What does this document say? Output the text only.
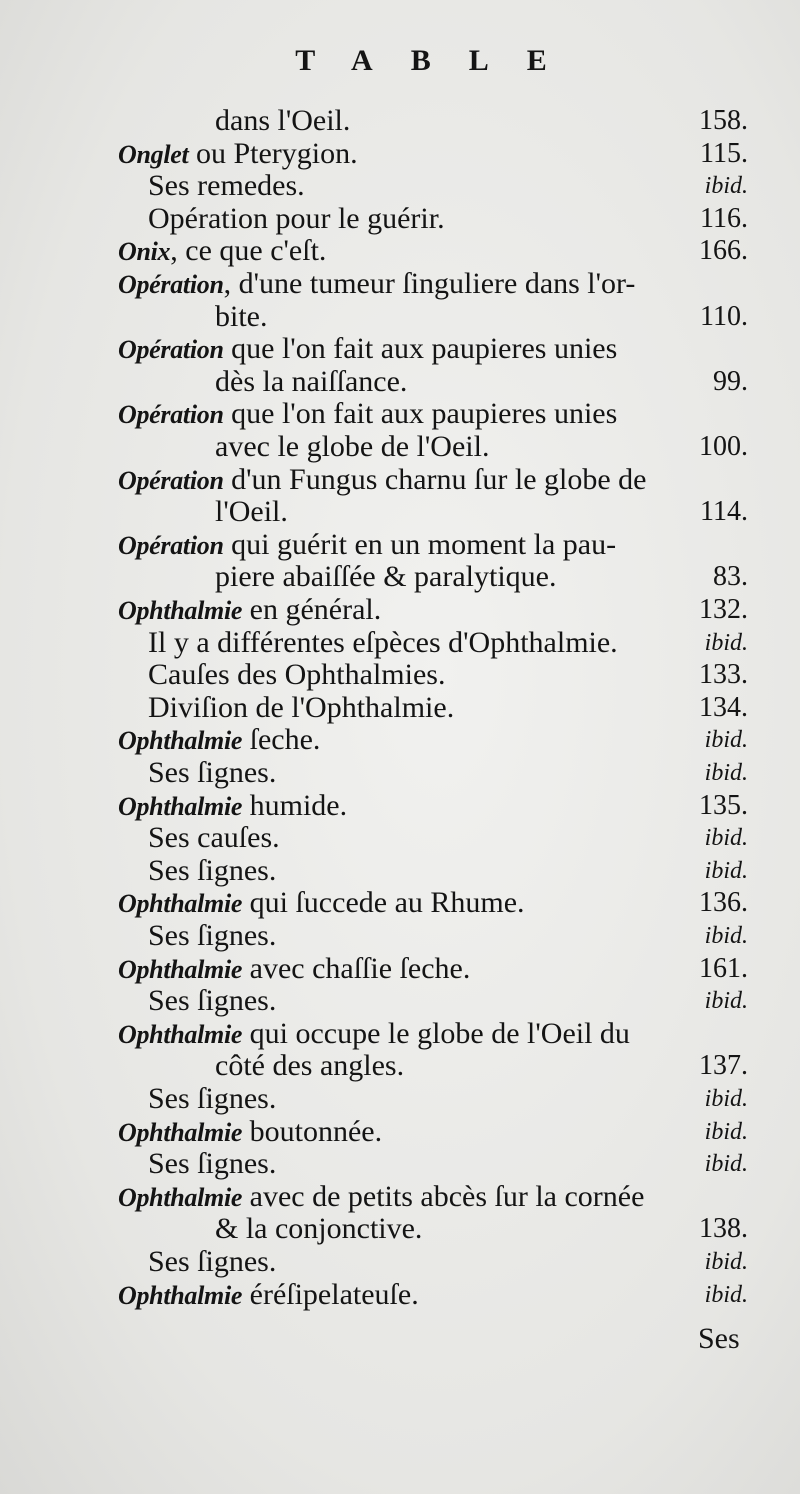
TABLE
dans l'Oeil.	158.
Onglet ou Pterygion.	115.
Ses remedes.	ibid.
Opération pour le guérir.	116.
Onix, ce que c'eſt.	166.
Opération, d'une tumeur ſinguliere dans l'or-
bite.	110.
Opération que l'on fait aux paupieres unies
dès la naiſſance.	99.
Opération que l'on fait aux paupieres unies
avec le globe de l'Oeil.	100.
Opération d'un Fungus charnu ſur le globe de
l'Oeil.	114.
Opération qui guérit en un moment la pau-
piere abaiſſée & paralytique.	83.
Ophthalmie en général.	132.
Il y a différentes eſpèces d'Ophthalmie.	ibid.
Cauſes des Ophthalmies.	133.
Diviſion de l'Ophthalmie.	134.
Ophthalmie ſeche.	ibid.
Ses ſignes.	ibid.
Ophthalmie humide.	135.
Ses cauſes.	ibid.
Ses ſignes.	ibid.
Ophthalmie qui ſuccede au Rhume.	136.
Ses ſignes.	ibid.
Ophthalmie avec chaſſie ſeche.	161.
Ses ſignes.	ibid.
Ophthalmie qui occupe le globe de l'Oeil du
côté des angles.	137.
Ses ſignes.	ibid.
Ophthalmie boutonnée.	ibid.
Ses ſignes.	ibid.
Ophthalmie avec de petits abcès ſur la cornée
& la conjonctive.	138.
Ses ſignes.	ibid.
Ophthalmie éréſipelateuſe.	ibid.
Ses
